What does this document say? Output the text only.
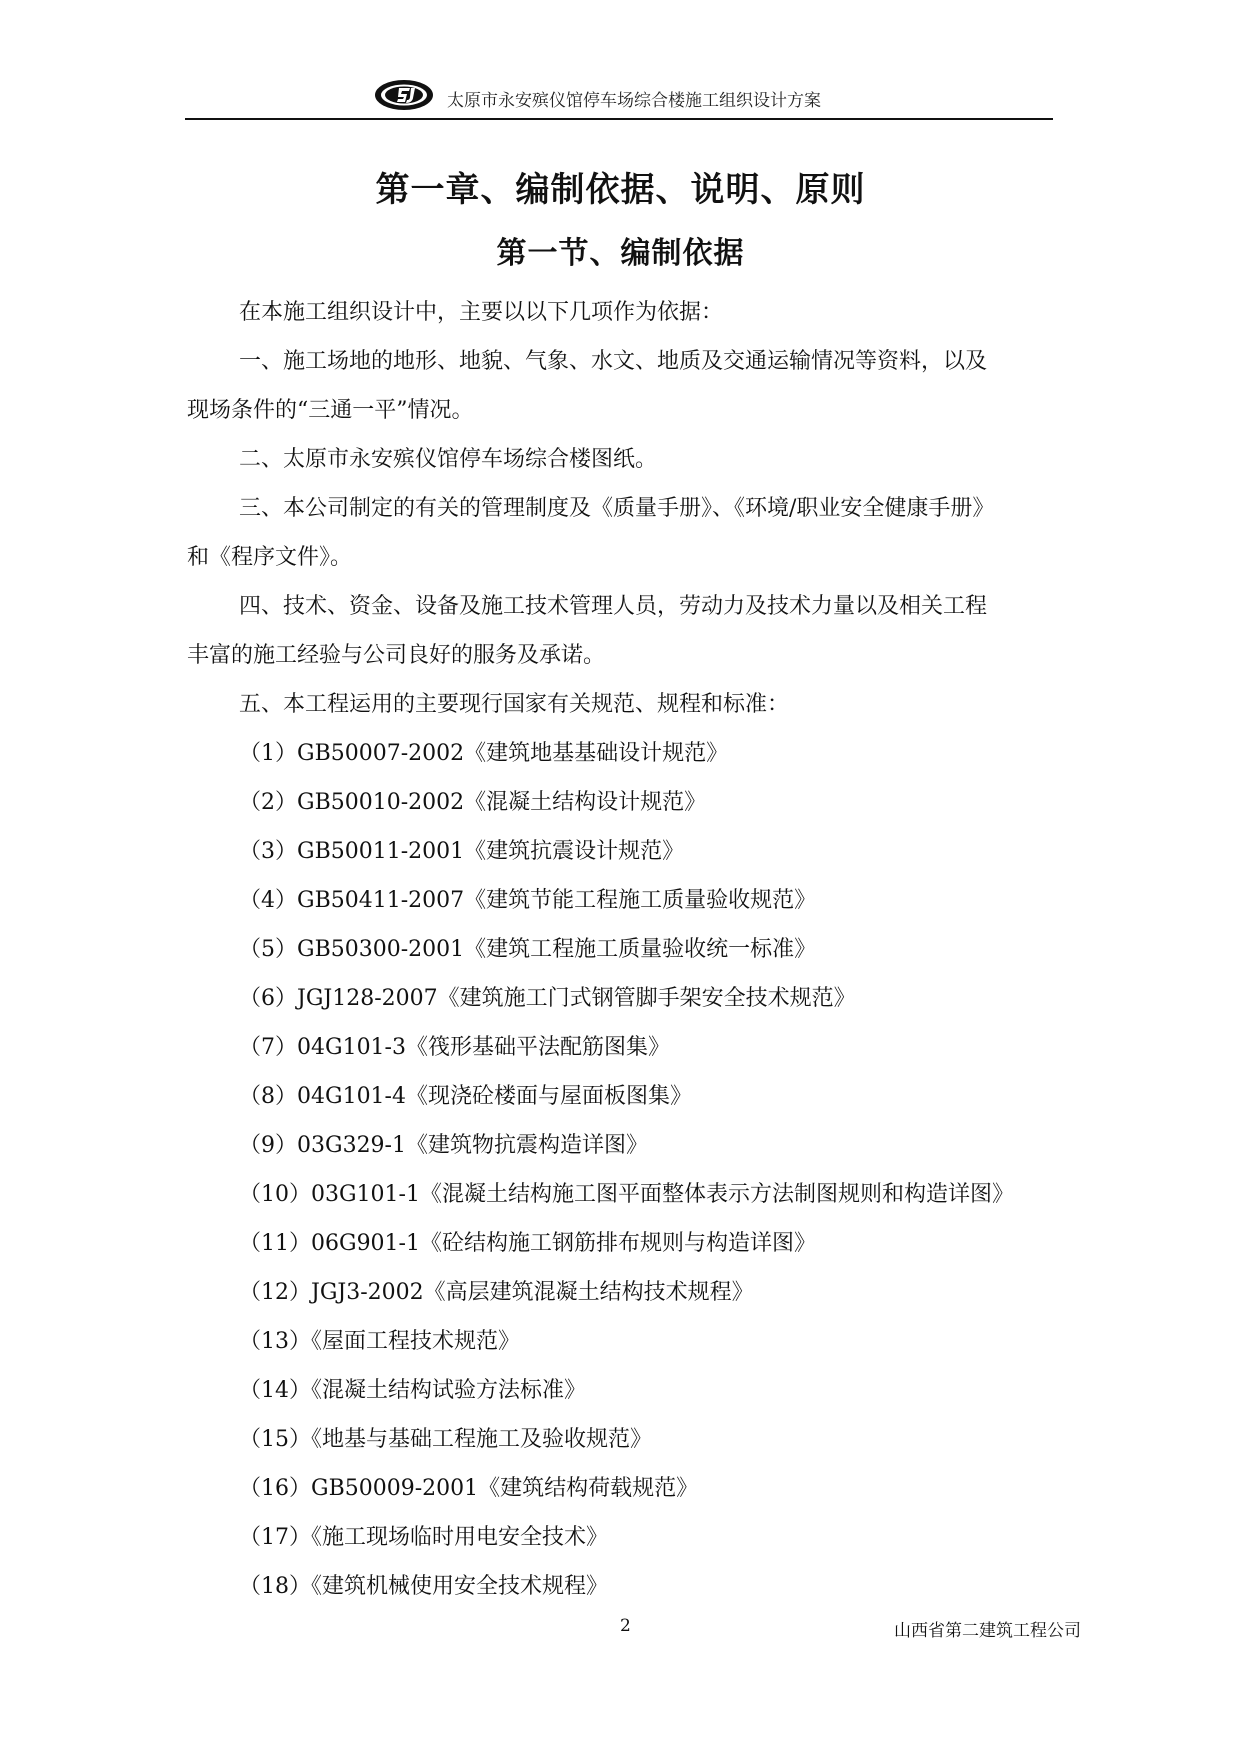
太原市永安殡仪馆停车场综合楼施工组织设计方案
第一章、编制依据、说明、原则
第一节、编制依据

在本施工组织设计中，主要以以下几项作为依据：

一、施工场地的地形、地貌、气象、水文、地质及交通运输情况等资料，以及

现场条件的“三通一平”情况。

二、太原市永安殡仪馆停车场综合楼图纸。

三、本公司制定的有关的管理制度及《质量手册》、《环境/职业安全健康手册》

和《程序文件》。

四、技术、资金、设备及施工技术管理人员，劳动力及技术力量以及相关工程

丰富的施工经验与公司良好的服务及承诺。

五、本工程运用的主要现行国家有关规范、规程和标准：

（1）GB50007-2002《建筑地基基础设计规范》

（2）GB50010-2002《混凝土结构设计规范》

（3）GB50011-2001《建筑抗震设计规范》

（4）GB50411-2007《建筑节能工程施工质量验收规范》

（5）GB50300-2001《建筑工程施工质量验收统一标准》

（6）JGJ128-2007《建筑施工门式钢管脚手架安全技术规范》

（7）04G101-3《筏形基础平法配筋图集》

（8）04G101-4《现浇砼楼面与屋面板图集》

（9）03G329-1《建筑物抗震构造详图》

（10）03G101-1《混凝土结构施工图平面整体表示方法制图规则和构造详图》

（11）06G901-1《砼结构施工钢筋排布规则与构造详图》

（12）JGJ3-2002《高层建筑混凝土结构技术规程》

（13）《屋面工程技术规范》

（14）《混凝土结构试验方法标准》

（15）《地基与基础工程施工及验收规范》

（16）GB50009-2001《建筑结构荷载规范》

（17）《施工现场临时用电安全技术》

（18）《建筑机械使用安全技术规程》

2	山西省第二建筑工程公司
